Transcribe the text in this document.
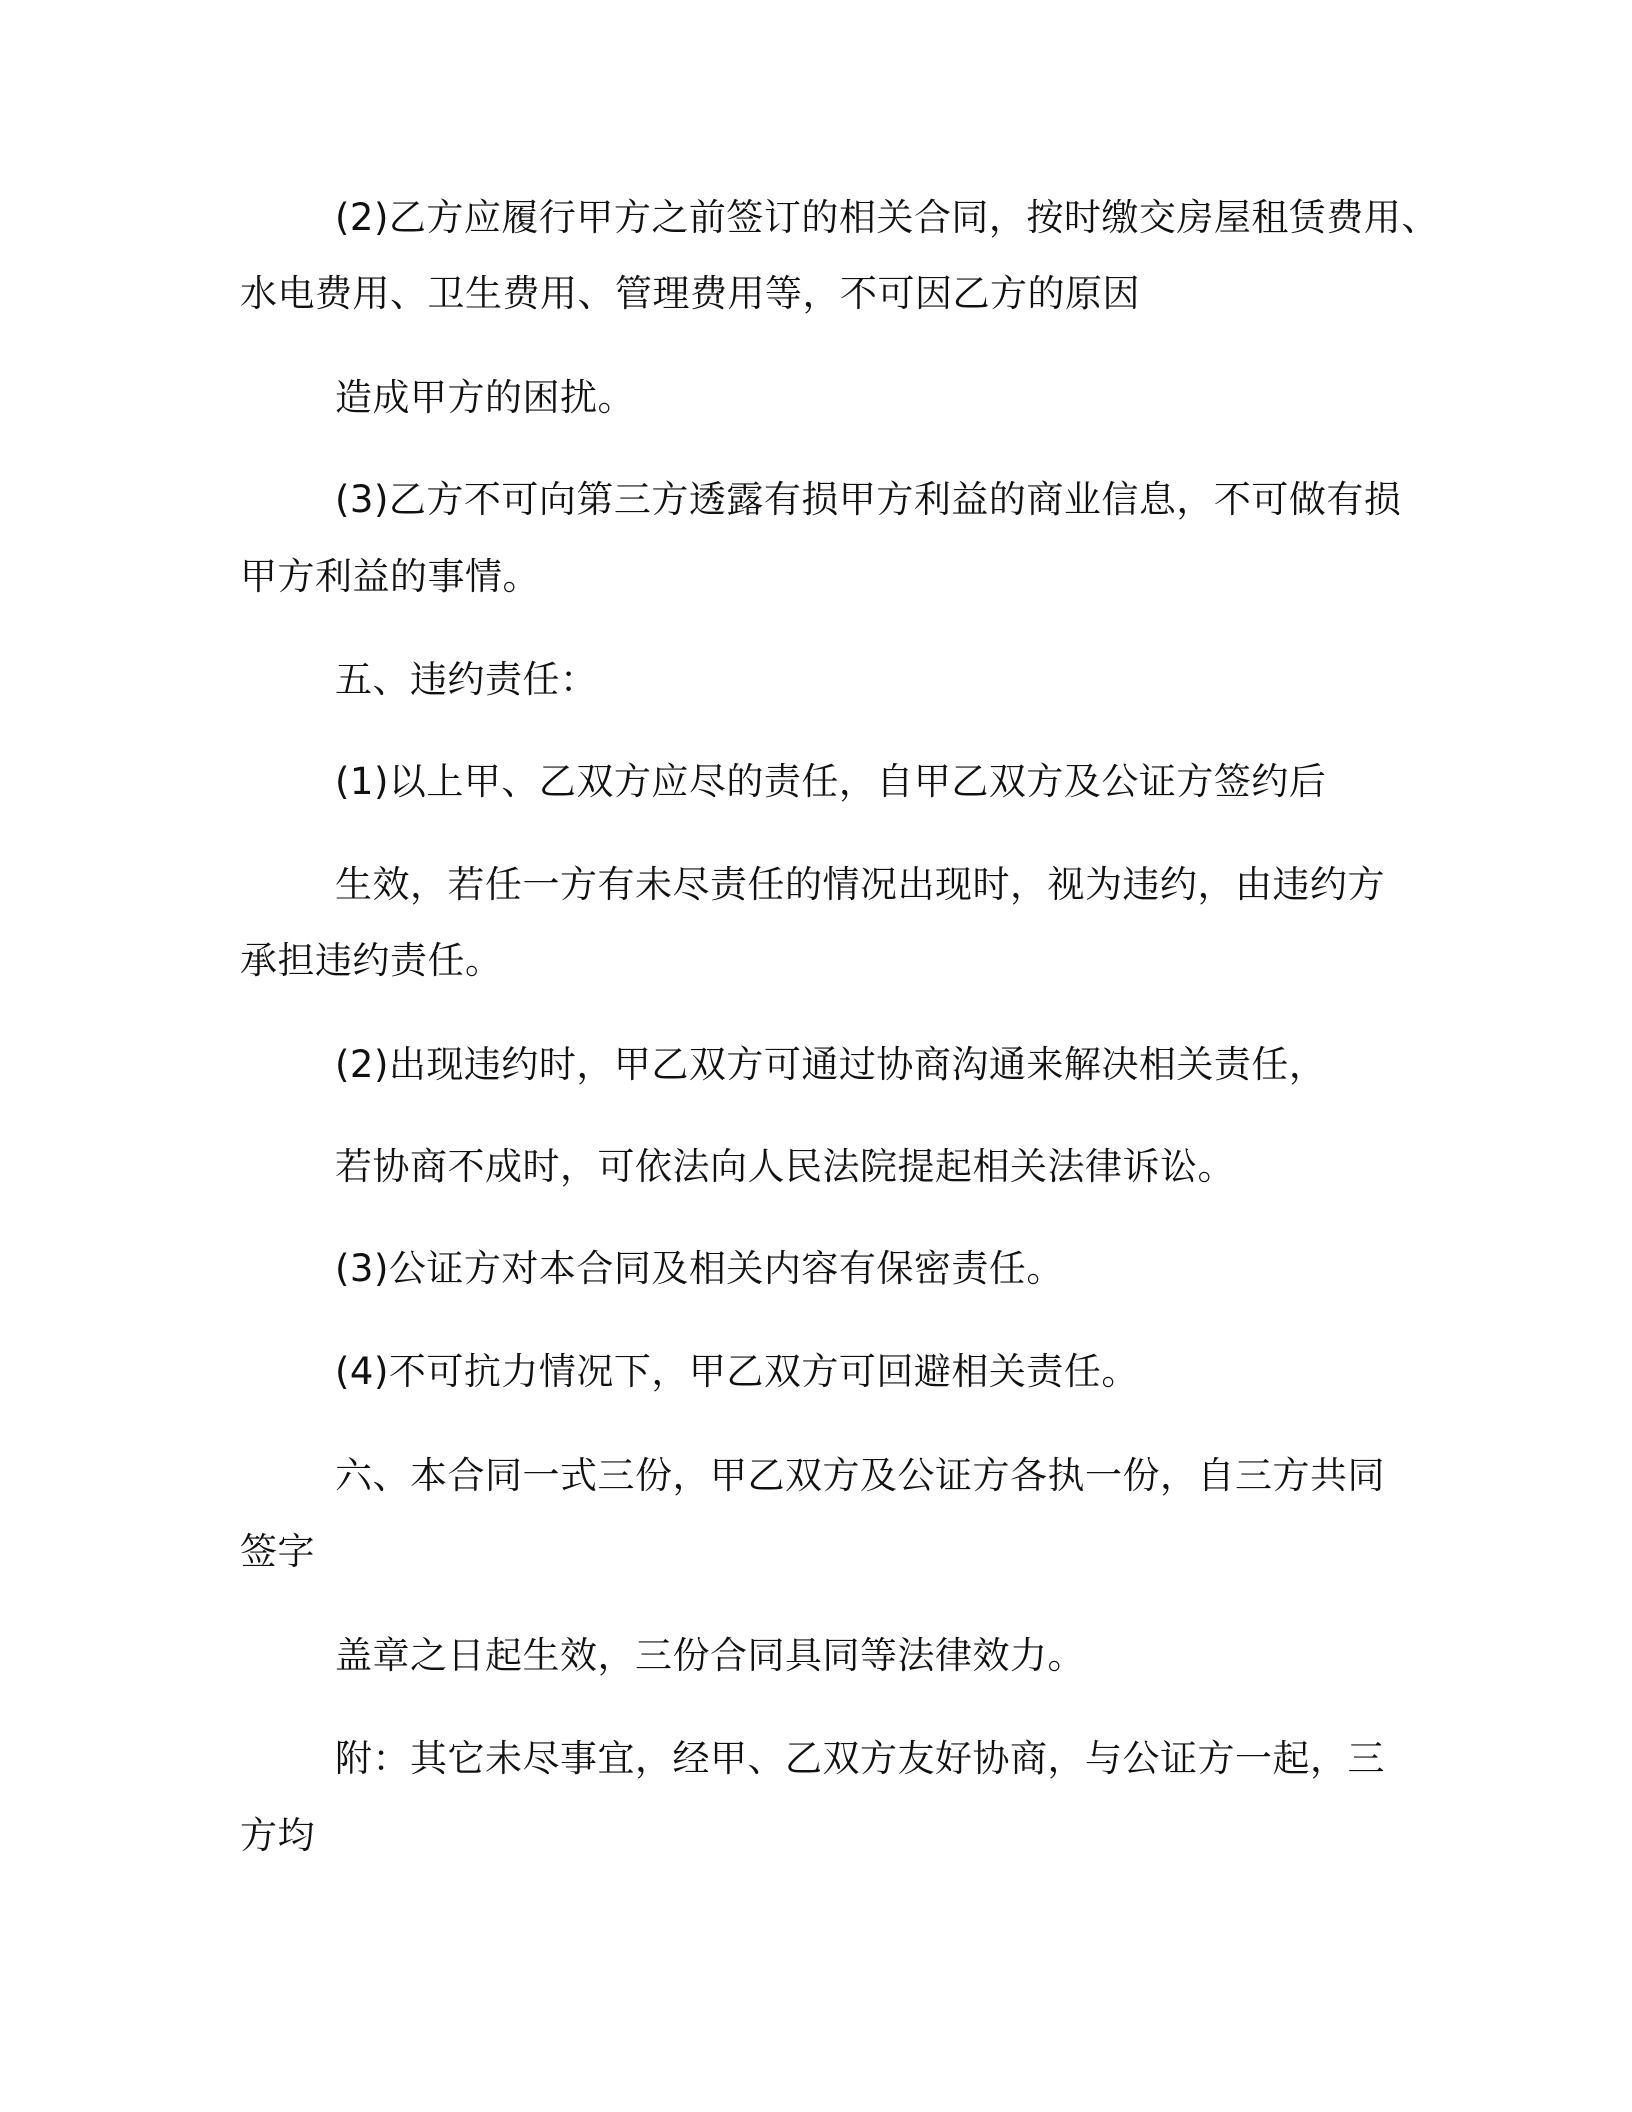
(2)乙方应履行甲方之前签订的相关合同，按时缴交房屋租赁费用、
水电费用、卫生费用、管理费用等，不可因乙方的原因
造成甲方的困扰。
(3)乙方不可向第三方透露有损甲方利益的商业信息，不可做有损
甲方利益的事情。
五、违约责任：
(1)以上甲、乙双方应尽的责任，自甲乙双方及公证方签约后
生效，若任一方有未尽责任的情况出现时，视为违约，由违约方
承担违约责任。
(2)出现违约时，甲乙双方可通过协商沟通来解决相关责任，
若协商不成时，可依法向人民法院提起相关法律诉讼。
(3)公证方对本合同及相关内容有保密责任。
(4)不可抗力情况下，甲乙双方可回避相关责任。
六、本合同一式三份，甲乙双方及公证方各执一份，自三方共同
签字
盖章之日起生效，三份合同具同等法律效力。
附：其它未尽事宜，经甲、乙双方友好协商，与公证方一起，三
方均
